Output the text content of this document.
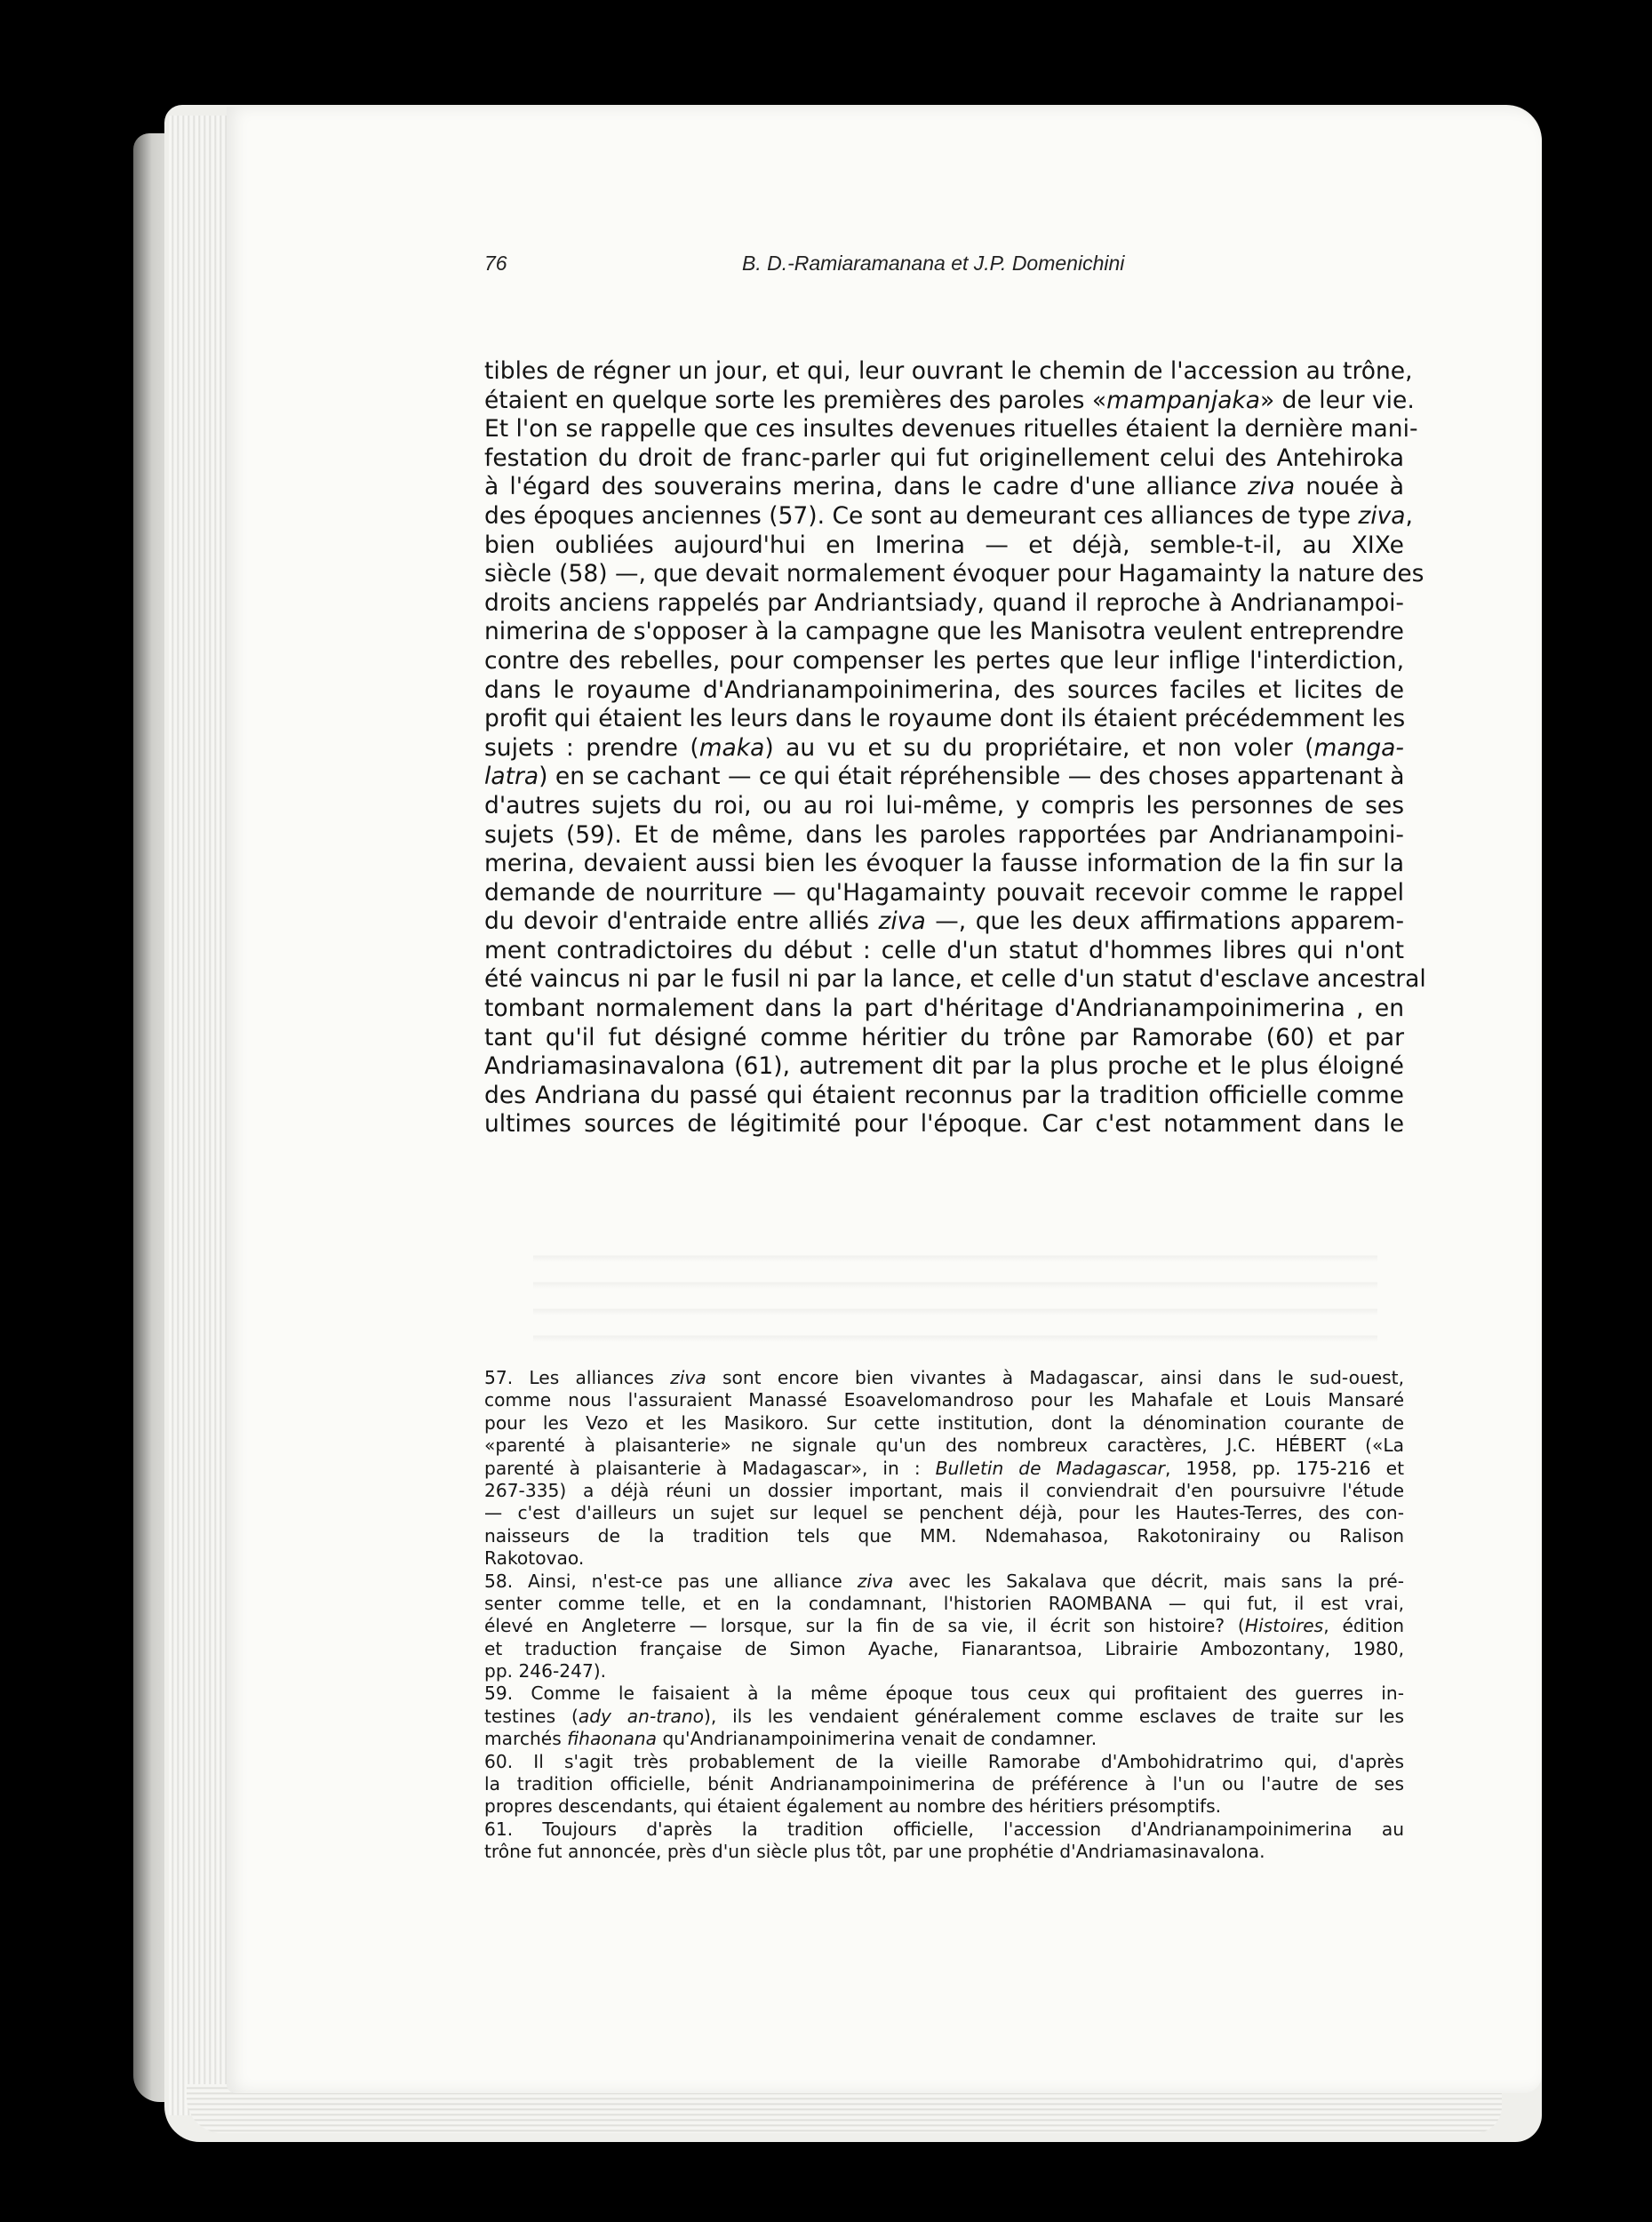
76	B. D.-Ramiaramanana et J.P. Domenichini
tibles de régner un jour, et qui, leur ouvrant le chemin de l'accession au trône,
étaient en quelque sorte les premières des paroles «mampanjaka» de leur vie.
Et l'on se rappelle que ces insultes devenues rituelles étaient la dernière mani-
festation du droit de franc-parler qui fut originellement celui des Antehiroka
à l'égard des souverains merina, dans le cadre d'une alliance ziva nouée à
des époques anciennes (57). Ce sont au demeurant ces alliances de type ziva
bien oubliées aujourd'hui en Imerina — et déjà, semble-t-il, au XIXe
siècle (58) —, que devait normalement évoquer pour Hagamainty la nature des
droits anciens rappelés par Andriantsiady, quand il reproche à Andrianampoi-
nimerina de s'opposer à la campagne que les Manisotra veulent entreprendre
contre des rebelles, pour compenser les pertes que leur inflige l'interdiction,
dans le royaume d'Andrianampoinimerina, des sources faciles et licites de
profit qui étaient les leurs dans le royaume dont ils étaient précédemment les
sujets : prendre (maka) au vu et su du propriétaire, et non voler (manga-
latra) en se cachant — ce qui était répréhensible — des choses appartenant à
d'autres sujets du roi, ou au roi lui-même, y compris les personnes de ses
sujets (59). Et de même, dans les paroles rapportées par Andrianampoini-
merina, devaient aussi bien les évoquer la fausse information de la fin sur la
demande de nourriture — qu'Hagamainty pouvait recevoir comme le rappel
du devoir d'entraide entre alliés ziva —, que les deux affirmations apparem-
ment contradictoires du début : celle d'un statut d'hommes libres qui n'ont
été vaincus ni par le fusil ni par la lance, et celle d'un statut d'esclave ancestral
tombant normalement dans la part d'héritage d'Andrianampoinimerina , en
tant qu'il fut désigné comme héritier du trône par Ramorabe (60) et par
Andriamasinavalona (61), autrement dit par la plus proche et le plus éloigné
des Andriana du passé qui étaient reconnus par la tradition officielle comme
ultimes sources de légitimité pour l'époque. Car c'est notamment dans le
57. Les alliances ziva sont encore bien vivantes à Madagascar, ainsi dans le sud-ouest,
comme nous l'assuraient Manassé Esoavelomandroso pour les Mahafale et Louis Mansaré
pour les Vezo et les Masikoro. Sur cette institution, dont la dénomination courante de
«parenté à plaisanterie» ne signale qu'un des nombreux caractères, J.C. HÉBERT («La
parenté à plaisanterie à Madagascar», in : Bulletin de Madagascar, 1958, pp. 175-216 et
267-335) a déjà réuni un dossier important, mais il conviendrait d'en poursuivre l'étude
— c'est d'ailleurs un sujet sur lequel se penchent déjà, pour les Hautes-Terres, des con-
naisseurs de la tradition tels que MM. Ndemahasoa, Rakotonirainy ou Ralison
Rakotovao.
58. Ainsi, n'est-ce pas une alliance ziva avec les Sakalava que décrit, mais sans la pré-
senter comme telle, et en la condamnant, l'historien RAOMBANA — qui fut, il est vrai,
élevé en Angleterre — lorsque, sur la fin de sa vie, il écrit son histoire? (Histoires, édition
et traduction française de Simon Ayache, Fianarantsoa, Librairie Ambozontany, 1980,
pp. 246-247).
59. Comme le faisaient à la même époque tous ceux qui profitaient des guerres in-
testines (ady an-trano), ils les vendaient généralement comme esclaves de traite sur les
marchés fihaonana qu'Andrianampoinimerina venait de condamner.
60. Il s'agit très probablement de la vieille Ramorabe d'Ambohidratrimo qui, d'après
la tradition officielle, bénit Andrianampoinimerina de préférence à l'un ou l'autre de ses
propres descendants, qui étaient également au nombre des héritiers présomptifs.
61. Toujours d'après la tradition officielle, l'accession d'Andrianampoinimerina au
trône fut annoncée, près d'un siècle plus tôt, par une prophétie d'Andriamasinavalona.
